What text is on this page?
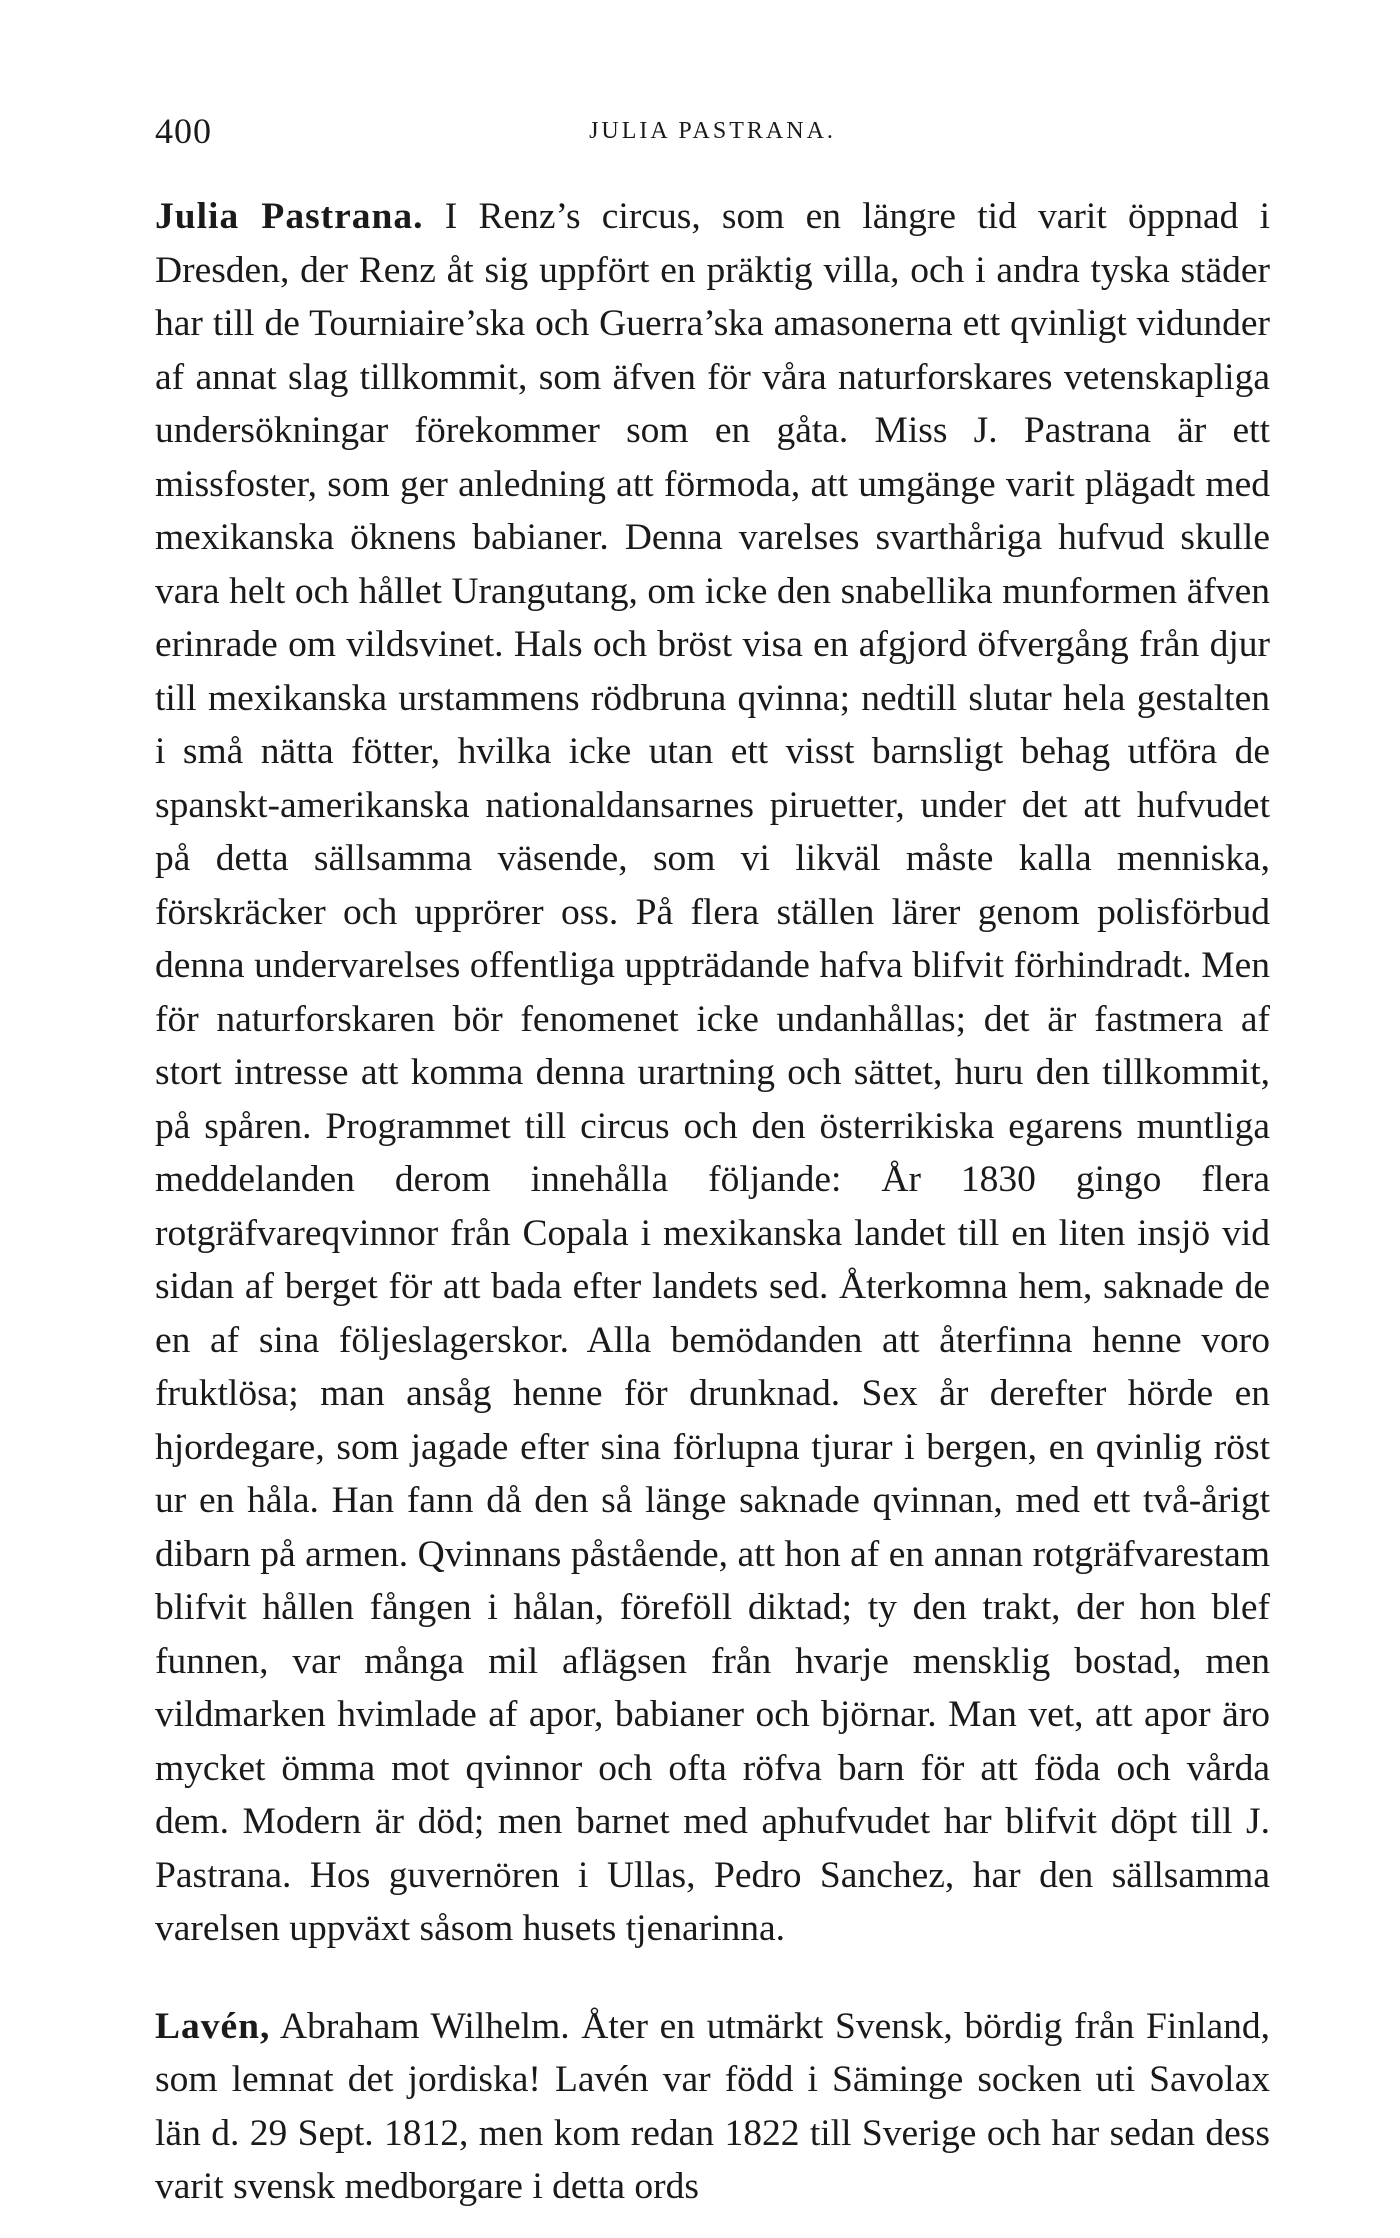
400	JULIA PASTRANA.

Julia Pastrana. I Renz’s circus, som en längre tid varit öppnad i Dresden, der Renz åt sig uppfört en präktig villa, och i andra tyska städer har till de Tourniaire’ska och Guerra’ska amasonerna ett qvinligt vidunder af annat slag tillkommit, som äfven för våra naturforskares vetenskapliga undersökningar förekommer som en gåta. Miss J. Pastrana är ett missfoster, som ger anledning att förmoda, att umgänge varit plägadt med mexikanska öknens babianer. Denna varelses svarthåriga hufvud skulle vara helt och hållet Urangutang, om icke den snabellika munformen äfven erinrade om vildsvinet. Hals och bröst visa en afgjord öfvergång från djur till mexikanska urstammens rödbruna qvinna; nedtill slutar hela gestalten i små nätta fötter, hvilka icke utan ett visst barnsligt behag utföra de spanskt-amerikanska nationaldansarnes piruetter, under det att hufvudet på detta sällsamma väsende, som vi likväl måste kalla menniska, förskräcker och upprörer oss. På flera ställen lärer genom polisförbud denna undervarelses offentliga uppträdande hafva blifvit förhindradt. Men för naturforskaren bör fenomenet icke undanhållas; det är fastmera af stort intresse att komma denna urartning och sättet, huru den tillkommit, på spåren. Programmet till circus och den österrikiska egarens muntliga meddelanden derom innehålla följande: År 1830 gingo flera rotgräfvareqvinnor från Copala i mexikanska landet till en liten insjö vid sidan af berget för att bada efter landets sed. Återkomna hem, saknade de en af sina följeslagerskor. Alla bemödanden att återfinna henne voro fruktlösa; man ansåg henne för drunknad. Sex år derefter hörde en hjordegare, som jagade efter sina förlupna tjurar i bergen, en qvinlig röst ur en håla. Han fann då den så länge saknade qvinnan, med ett två-årigt dibarn på armen. Qvinnans påstående, att hon af en annan rotgräfvarestam blifvit hållen fången i hålan, föreföll diktad; ty den trakt, der hon blef funnen, var många mil aflägsen från hvarje mensklig bostad, men vildmarken hvimlade af apor, babianer och björnar. Man vet, att apor äro mycket ömma mot qvinnor och ofta röfva barn för att föda och vårda dem. Modern är död; men barnet med aphufvudet har blifvit döpt till J. Pastrana. Hos guvernören i Ullas, Pedro Sanchez, har den sällsamma varelsen uppväxt såsom husets tjenarinna.

Lavén, Abraham Wilhelm. Åter en utmärkt Svensk, bördig från Finland, som lemnat det jordiska! Lavén var född i Säminge socken uti Savolax län d. 29 Sept. 1812, men kom redan 1822 till Sverige och har sedan dess varit svensk medborgare i detta ords
